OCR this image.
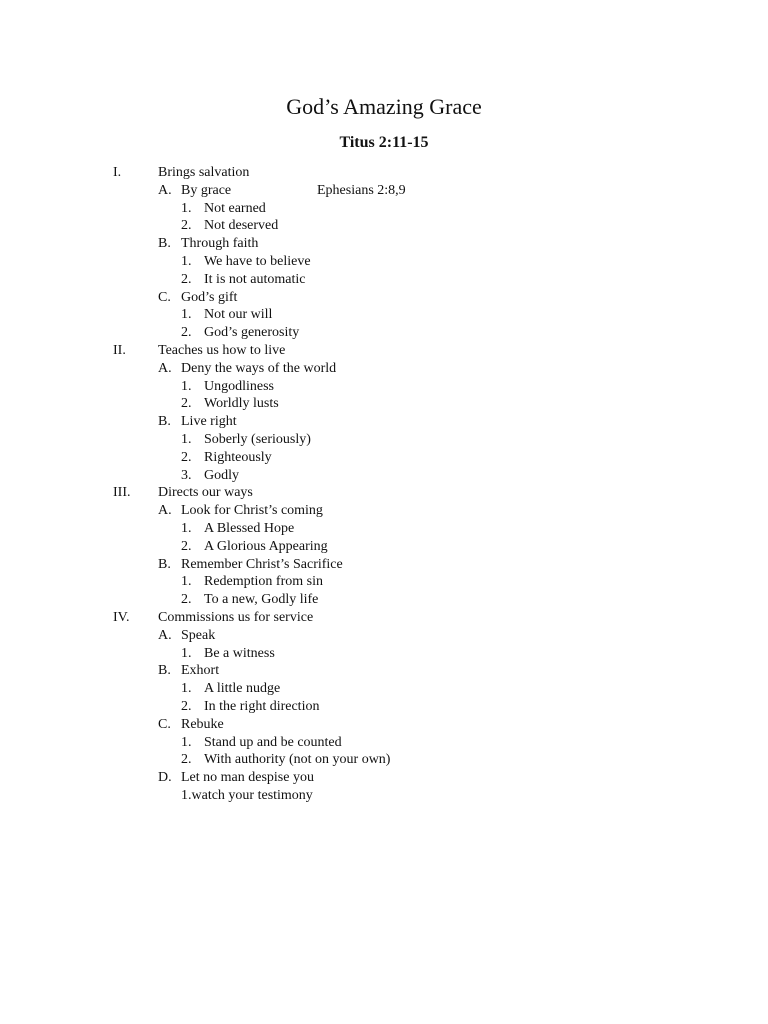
God’s Amazing Grace
Titus 2:11-15
I.	Brings salvation
A. By grace	Ephesians 2:8,9
1. Not earned
2. Not deserved
B. Through faith
1. We have to believe
2. It is not automatic
C. God’s gift
1. Not our will
2. God’s generosity
II. Teaches us how to live
A. Deny the ways of the world
1. Ungodliness
2. Worldly lusts
B. Live right
1. Soberly (seriously)
2. Righteously
3. Godly
III. Directs our ways
A. Look for Christ’s coming
1. A Blessed Hope
2. A Glorious Appearing
B. Remember Christ’s Sacrifice
1. Redemption from sin
2. To a new, Godly life
IV. Commissions us for service
A. Speak
1. Be a witness
B. Exhort
1. A little nudge
2. In the right direction
C. Rebuke
1. Stand up and be counted
2. With authority (not on your own)
D. Let no man despise you
1.watch your testimony
